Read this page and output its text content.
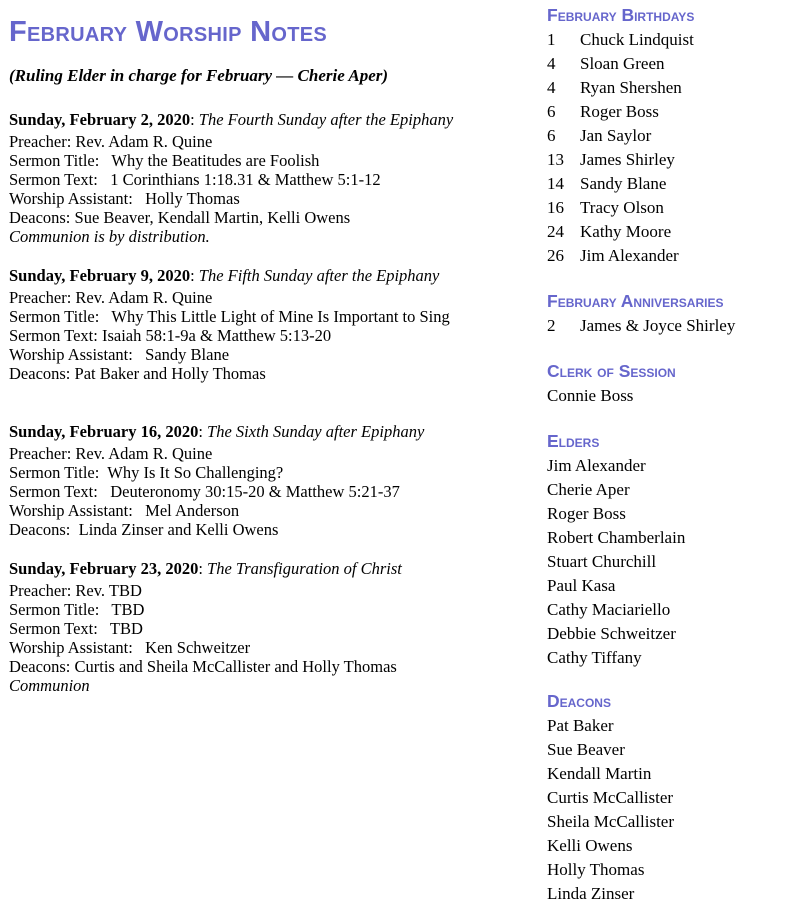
February Worship Notes
(Ruling Elder in charge for February — Cherie Aper)
Sunday, February 2, 2020: The Fourth Sunday after the Epiphany
Preacher: Rev. Adam R. Quine
Sermon Title:   Why the Beatitudes are Foolish
Sermon Text:   1 Corinthians 1:18.31 & Matthew 5:1-12
Worship Assistant:   Holly Thomas
Deacons: Sue Beaver, Kendall Martin, Kelli Owens
Communion is by distribution.
Sunday, February 9, 2020: The Fifth Sunday after the Epiphany
Preacher: Rev. Adam R. Quine
Sermon Title:   Why This Little Light of Mine Is Important to Sing
Sermon Text: Isaiah 58:1-9a & Matthew 5:13-20
Worship Assistant:   Sandy Blane
Deacons: Pat Baker and Holly Thomas
Sunday, February 16, 2020: The Sixth Sunday after Epiphany
Preacher: Rev. Adam R. Quine
Sermon Title:  Why Is It So Challenging?
Sermon Text:   Deuteronomy 30:15-20 & Matthew 5:21-37
Worship Assistant:   Mel Anderson
Deacons:  Linda Zinser and Kelli Owens
Sunday, February 23, 2020: The Transfiguration of Christ
Preacher: Rev. TBD
Sermon Title:   TBD
Sermon Text:   TBD
Worship Assistant:   Ken Schweitzer
Deacons: Curtis and Sheila McCallister and Holly Thomas
Communion
February Birthdays
1 Chuck Lindquist
4 Sloan Green
4 Ryan Shershen
6 Roger Boss
6 Jan Saylor
13 James Shirley
14 Sandy Blane
16 Tracy Olson
24 Kathy Moore
26 Jim Alexander
February Anniversaries
2 James & Joyce Shirley
Clerk of Session
Connie Boss
Elders
Jim Alexander
Cherie Aper
Roger Boss
Robert Chamberlain
Stuart Churchill
Paul Kasa
Cathy Maciariello
Debbie Schweitzer
Cathy Tiffany
Deacons
Pat Baker
Sue Beaver
Kendall Martin
Curtis McCallister
Sheila McCallister
Kelli Owens
Holly Thomas
Linda Zinser
